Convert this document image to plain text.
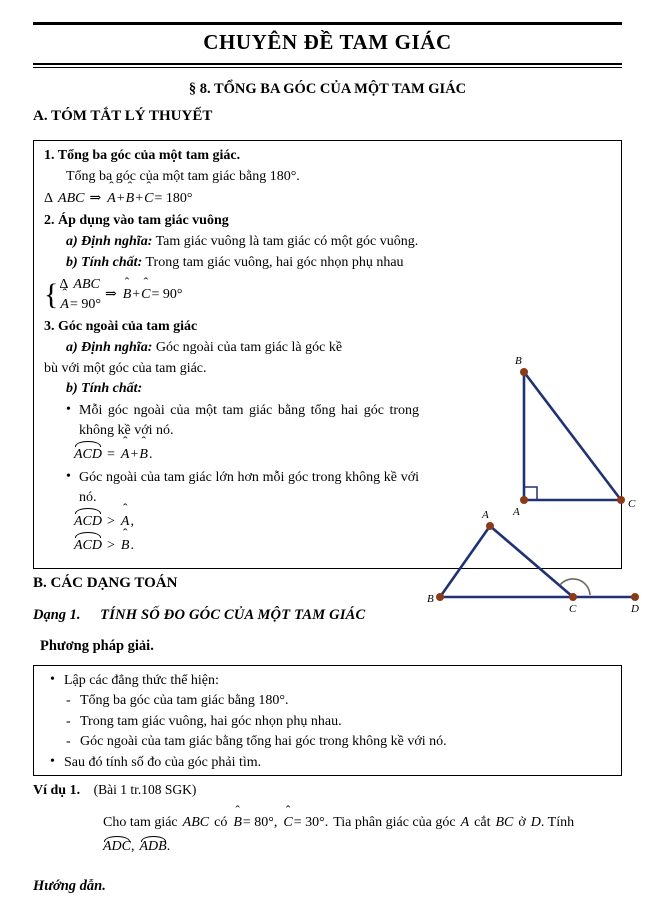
CHUYÊN ĐỀ TAM GIÁC
§ 8. TỔNG BA GÓC CỦA MỘT TAM GIÁC
A. TÓM TẮT LÝ THUYẾT
1. Tổng ba góc của một tam giác.
Tổng ba góc của một tam giác bằng 180°.
Δ ABC ⇒ ˆ A+ˆ B+ˆ C= 180°
2. Áp dụng vào tam giác vuông
a) Định nghĩa: Tam giác vuông là tam giác có một góc vuông.
b) Tính chất: Trong tam giác vuông, hai góc nhọn phụ nhau
{ Δ ABC
ˆ A= 90°
⇒ ˆ B+ˆ C= 90°
3. Góc ngoài của tam giác
a) Định nghĩa: Góc ngoài của tam giác là góc kề
bù với một góc của tam giác.
b) Tính chất:
• Mỗi góc ngoài của một tam giác bằng tổng hai góc trong không kề với nó.
ACD = ˆ A+ˆ B.
• Góc ngoài của tam giác lớn hơn mỗi góc trong không kề với nó.
ACD > ˆ A,
ACD > ˆ B.
B
A
C
A
B
C	D
B. CÁC DẠNG TOÁN
Dạng 1. TÍNH SỐ ĐO GÓC CỦA MỘT TAM GIÁC
Phương pháp giải.
• Lập các đẳng thức thể hiện:
- Tổng ba góc của tam giác bằng 180°.
- Trong tam giác vuông, hai góc nhọn phụ nhau.
- Góc ngoài của tam giác bằng tổng hai góc trong không kề với nó.
• Sau đó tính số đo của góc phải tìm.
Ví dụ 1. (Bài 1 tr.108 SGK)
Cho tam giác ABC có ˆ B= 80°, ˆ C= 30°. Tia phân giác của góc A cắt BC ở D. Tính
ADC, ADB.
Hướng dẫn.
